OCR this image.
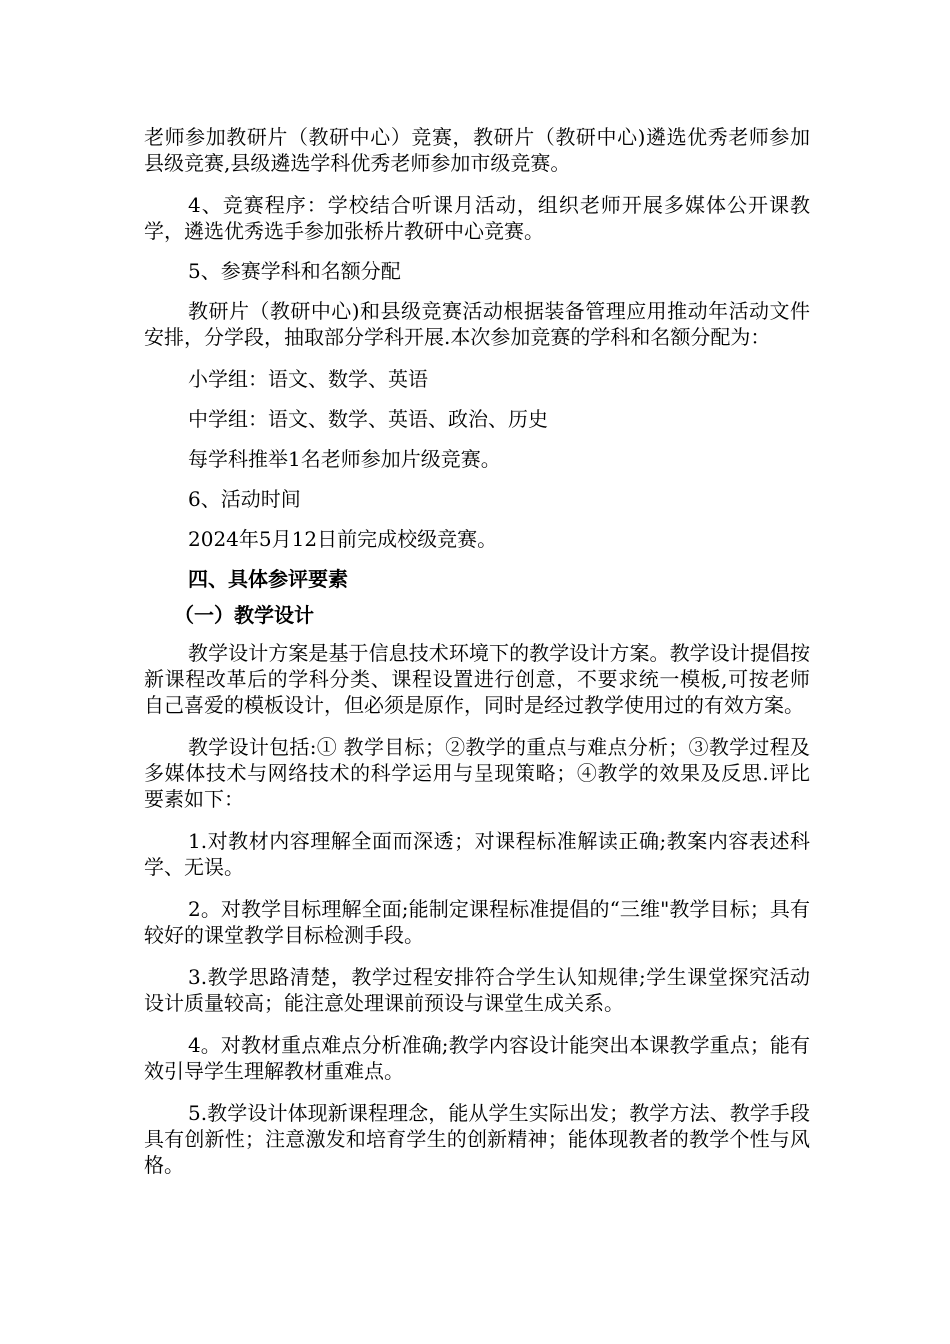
老师参加教研片（教研中心）竞赛，教研片（教研中心)遴选优秀老师参加县级竞赛,县级遴选学科优秀老师参加市级竞赛。

4、竞赛程序：学校结合听课月活动，组织老师开展多媒体公开课教学，遴选优秀选手参加张桥片教研中心竞赛。

5、参赛学科和名额分配

教研片（教研中心)和县级竞赛活动根据装备管理应用推动年活动文件安排，分学段，抽取部分学科开展.本次参加竞赛的学科和名额分配为：

小学组：语文、数学、英语

中学组：语文、数学、英语、政治、历史

每学科推举1名老师参加片级竞赛。

6、活动时间

2024年5月12日前完成校级竞赛。

四、具体参评要素

（一）教学设计

教学设计方案是基于信息技术环境下的教学设计方案。教学设计提倡按新课程改革后的学科分类、课程设置进行创意，不要求统一模板,可按老师自己喜爱的模板设计，但必须是原作，同时是经过教学使用过的有效方案。

教学设计包括:① 教学目标；②教学的重点与难点分析；③教学过程及多媒体技术与网络技术的科学运用与呈现策略；④教学的效果及反思.评比要素如下：

1.对教材内容理解全面而深透；对课程标准解读正确;教案内容表述科学、无误。

2。对教学目标理解全面;能制定课程标准提倡的“三维"教学目标；具有较好的课堂教学目标检测手段。

3.教学思路清楚，教学过程安排符合学生认知规律;学生课堂探究活动设计质量较高；能注意处理课前预设与课堂生成关系。

4。对教材重点难点分析准确;教学内容设计能突出本课教学重点；能有效引导学生理解教材重难点。

5.教学设计体现新课程理念，能从学生实际出发；教学方法、教学手段具有创新性；注意激发和培育学生的创新精神；能体现教者的教学个性与风格。
